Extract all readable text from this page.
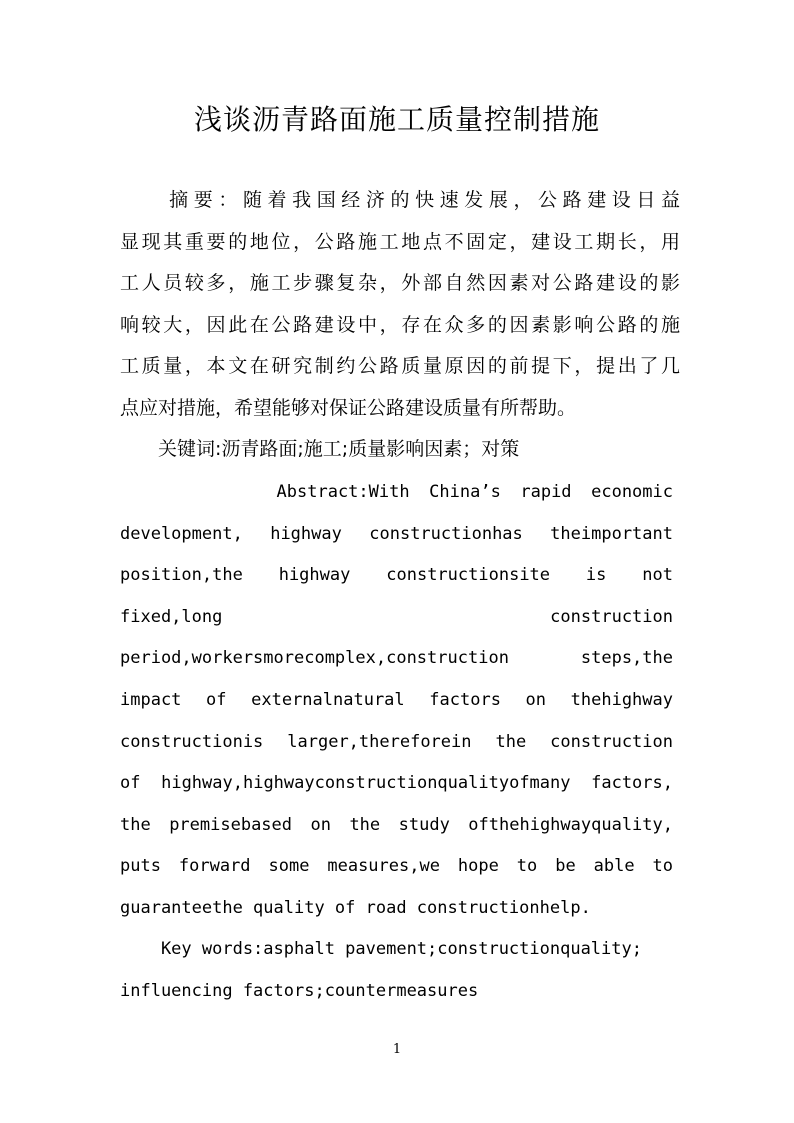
浅谈沥青路面施工质量控制措施
　　摘要：随着我国经济的快速发展，公路建设日益
显现其重要的地位，公路施工地点不固定，建设工期长，用
工人员较多，施工步骤复杂，外部自然因素对公路建设的影
响较大，因此在公路建设中，存在众多的因素影响公路的施
工质量，本文在研究制约公路质量原因的前提下，提出了几
点应对措施，希望能够对保证公路建设质量有所帮助。
　　关键词:沥青路面;施工;质量影响因素；对策
Abstract:With China’s rapid economic
development, highway constructionhas theimportant
position,the highway constructionsite is not
fixed,long construction
period,workersmorecomplex,construction steps,the
impact of externalnatural factors on thehighway
constructionis larger,thereforein the construction
of highway,highwayconstructionqualityofmany factors,
the premisebased on the study ofthehighwayquality,
puts forward some measures,we hope to be able to
guaranteethe quality of road constructionhelp.
Key words:asphalt pavement;constructionquality;
influencing factors;countermeasures
1
